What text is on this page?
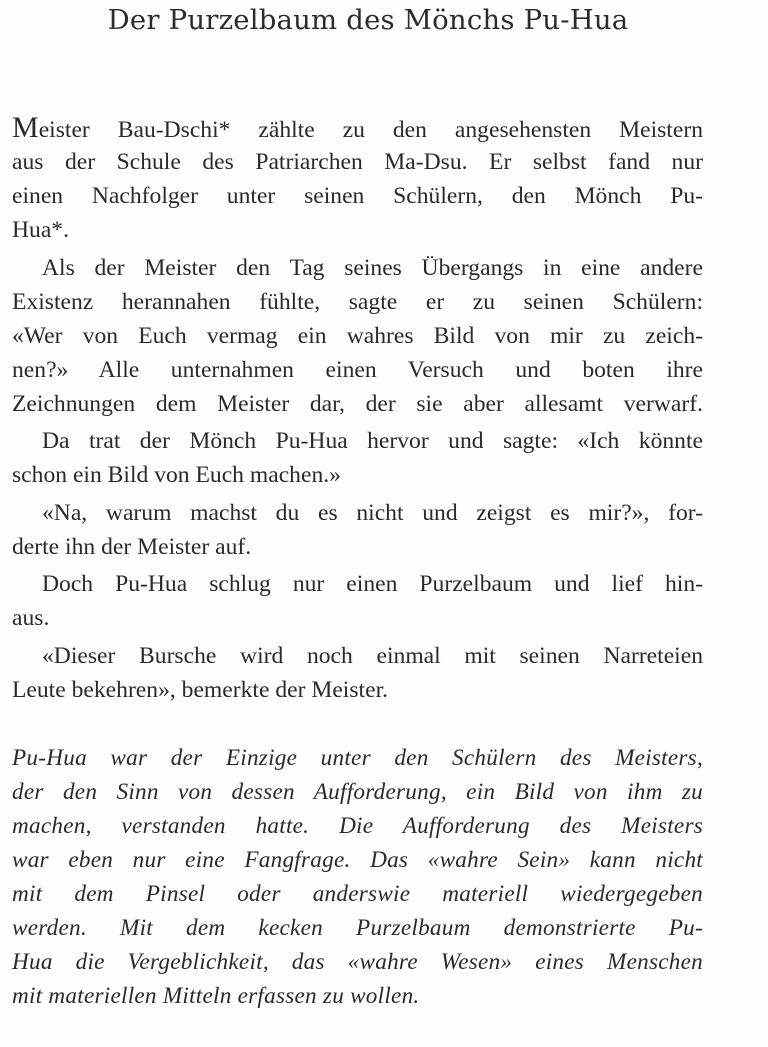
Der Purzelbaum des Mönchs Pu-Hua
Meister Bau-Dschi* zählte zu den angesehensten Meistern
aus der Schule des Patriarchen Ma-Dsu. Er selbst fand nur
einen Nachfolger unter seinen Schülern, den Mönch Pu-
Hua*.
Als der Meister den Tag seines Übergangs in eine andere
Existenz herannahen fühlte, sagte er zu seinen Schülern:
«Wer von Euch vermag ein wahres Bild von mir zu zeich-
nen?» Alle unternahmen einen Versuch und boten ihre
Zeichnungen dem Meister dar, der sie aber allesamt verwarf.
Da trat der Mönch Pu-Hua hervor und sagte: «Ich könnte
schon ein Bild von Euch machen.»
«Na, warum machst du es nicht und zeigst es mir?», for-
derte ihn der Meister auf.
Doch Pu-Hua schlug nur einen Purzelbaum und lief hin-
aus.
«Dieser Bursche wird noch einmal mit seinen Narreteien
Leute bekehren», bemerkte der Meister.
Pu-Hua war der Einzige unter den Schülern des Meisters,
der den Sinn von dessen Aufforderung, ein Bild von ihm zu
machen, verstanden hatte. Die Aufforderung des Meisters
war eben nur eine Fangfrage. Das «wahre Sein» kann nicht
mit dem Pinsel oder anderswie materiell wiedergegeben
werden. Mit dem kecken Purzelbaum demonstrierte Pu-
Hua die Vergeblichkeit, das «wahre Wesen» eines Menschen
mit materiellen Mitteln erfassen zu wollen.
